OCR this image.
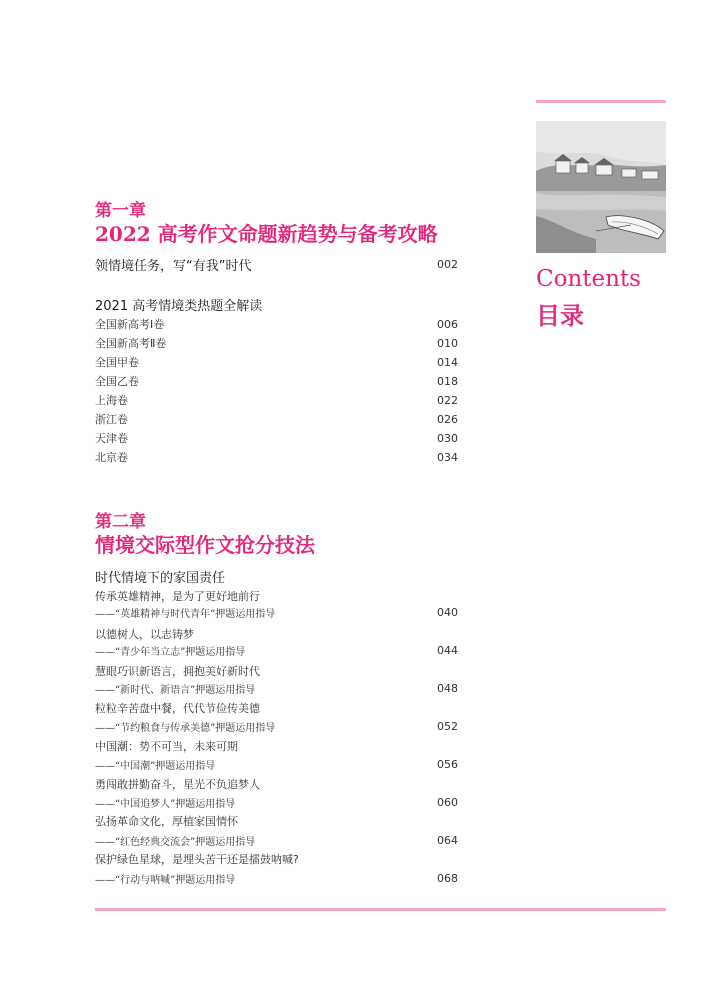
Contents
目录
第一章
2022 高考作文命题新趋势与备考攻略
领情境任务，写“有我”时代	002
2021 高考情境类热题全解读
全国新高考Ⅰ卷	006
全国新高考Ⅱ卷	010
全国甲卷	014
全国乙卷	018
上海卷	022
浙江卷	026
天津卷	030
北京卷	034
第二章
情境交际型作文抢分技法
时代情境下的家国责任
传承英雄精神，是为了更好地前行
——“英雄精神与时代青年”押题运用指导	040
以德树人，以志铸梦
——“青少年当立志”押题运用指导	044
慧眼巧识新语言，拥抱美好新时代
——“新时代、新语言”押题运用指导	048
粒粒辛苦盘中餐，代代节俭传美德
——“节约粮食与传承美德”押题运用指导	052
中国潮：势不可当，未来可期
——“中国潮”押题运用指导	056
勇闯敢拼勤奋斗，星光不负追梦人
——“中国追梦人”押题运用指导	060
弘扬革命文化，厚植家国情怀
——“红色经典交流会”押题运用指导	064
保护绿色星球，是埋头苦干还是擂鼓呐喊?
——“行动与呐喊”押题运用指导	068
